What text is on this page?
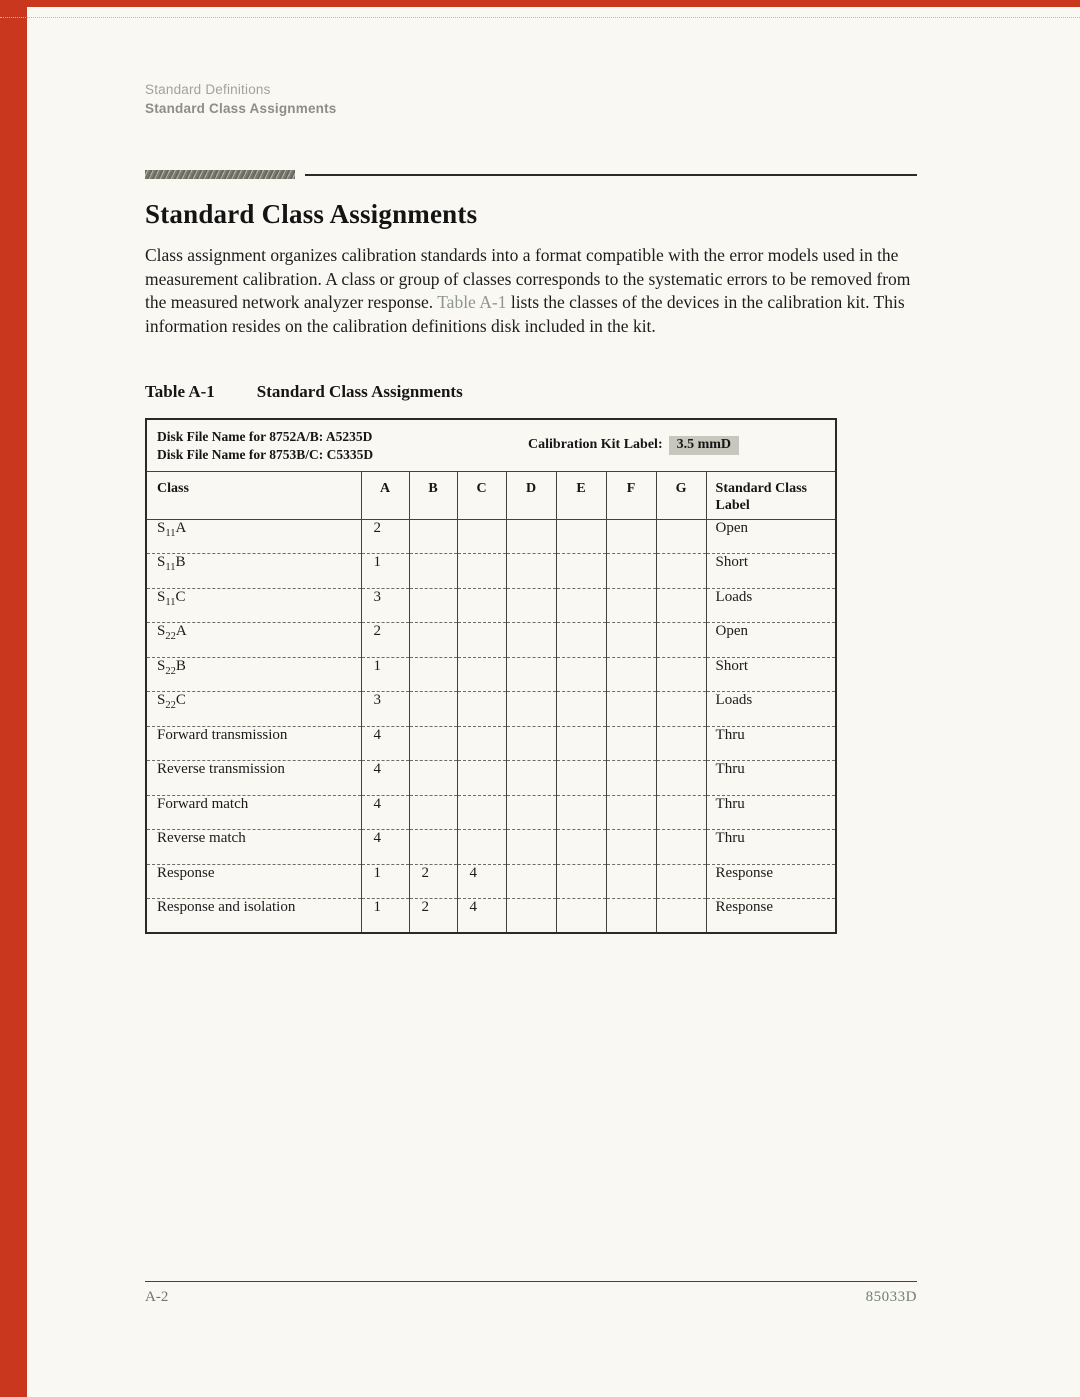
Standard Definitions
Standard Class Assignments
Standard Class Assignments

Class assignment organizes calibration standards into a format compatible with the error models used in the measurement calibration. A class or group of classes corresponds to the systematic errors to be removed from the measured network analyzer response. Table A-1 lists the classes of the devices in the calibration kit. This information resides on the calibration definitions disk included in the kit.

Table A-1 Standard Class Assignments
Disk File Name for 8752A/B: A5235D
Disk File Name for 8753B/C: C5335D				Calibration Kit Label: 3.5 mmD				
Class	A	B	C	D	E	F	G	Standard Class Label
$S_{11}A$	2							Open
$S_{11}B$	1							Short
$S_{11}C$	3							Loads
$S_{22}A$	2							Open
$S_{22}B$	1							Short
$S_{22}C$	3							Loads
Forward transmission	4							Thru
Reverse transmission	4							Thru
Forward match	4							Thru
Reverse match	4							Thru
Response	1	2	4					Response
Response and isolation	1	2	4					Response
A-2	85033D
